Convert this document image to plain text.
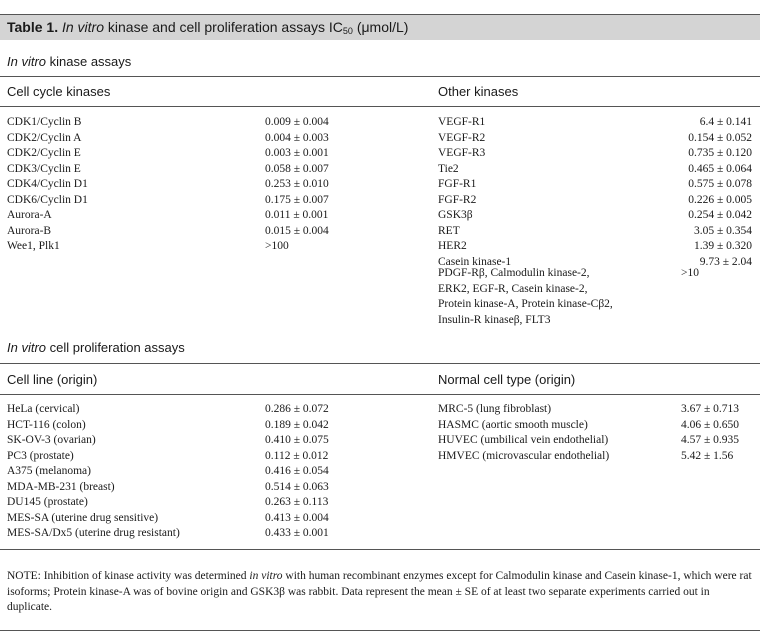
Table 1. In vitro kinase and cell proliferation assays IC50 (μmol/L)
In vitro kinase assays
Cell cycle kinases	Other kinases
CDK1/Cyclin B
CDK2/Cyclin A
CDK2/Cyclin E
CDK3/Cyclin E
CDK4/Cyclin D1
CDK6/Cyclin D1
Aurora-A
Aurora-B
Wee1, Plk1
0.009 ± 0.004
0.004 ± 0.003
0.003 ± 0.001
0.058 ± 0.007
0.253 ± 0.010
0.175 ± 0.007
0.011 ± 0.001
0.015 ± 0.004
>100
VEGF-R1
VEGF-R2
VEGF-R3
Tie2
FGF-R1
FGF-R2
GSK3β
RET
HER2
Casein kinase-1
6.4 ± 0.141
0.154 ± 0.052
0.735 ± 0.120
0.465 ± 0.064
0.575 ± 0.078
0.226 ± 0.005
0.254 ± 0.042
3.05 ± 0.354
1.39 ± 0.320
9.73 ± 2.04
PDGF-Rβ, Calmodulin kinase-2,
ERK2, EGF-R, Casein kinase-2,
Protein kinase-A, Protein kinase-Cβ2,
Insulin-R kinaseβ, FLT3
>10
In vitro cell proliferation assays
Cell line (origin)	Normal cell type (origin)
HeLa (cervical)
HCT-116 (colon)
SK-OV-3 (ovarian)
PC3 (prostate)
A375 (melanoma)
MDA-MB-231 (breast)
DU145 (prostate)
MES-SA (uterine drug sensitive)
MES-SA/Dx5 (uterine drug resistant)
0.286 ± 0.072
0.189 ± 0.042
0.410 ± 0.075
0.112 ± 0.012
0.416 ± 0.054
0.514 ± 0.063
0.263 ± 0.113
0.413 ± 0.004
0.433 ± 0.001
MRC-5 (lung fibroblast)
HASMC (aortic smooth muscle)
HUVEC (umbilical vein endothelial)
HMVEC (microvascular endothelial)
3.67 ± 0.713
4.06 ± 0.650
4.57 ± 0.935
5.42 ± 1.56
NOTE: Inhibition of kinase activity was determined in vitro with human recombinant enzymes except for Calmodulin kinase and Casein kinase-1, which were rat isoforms; Protein kinase-A was of bovine origin and GSK3β was rabbit. Data represent the mean ± SE of at least two separate experiments carried out in duplicate.
